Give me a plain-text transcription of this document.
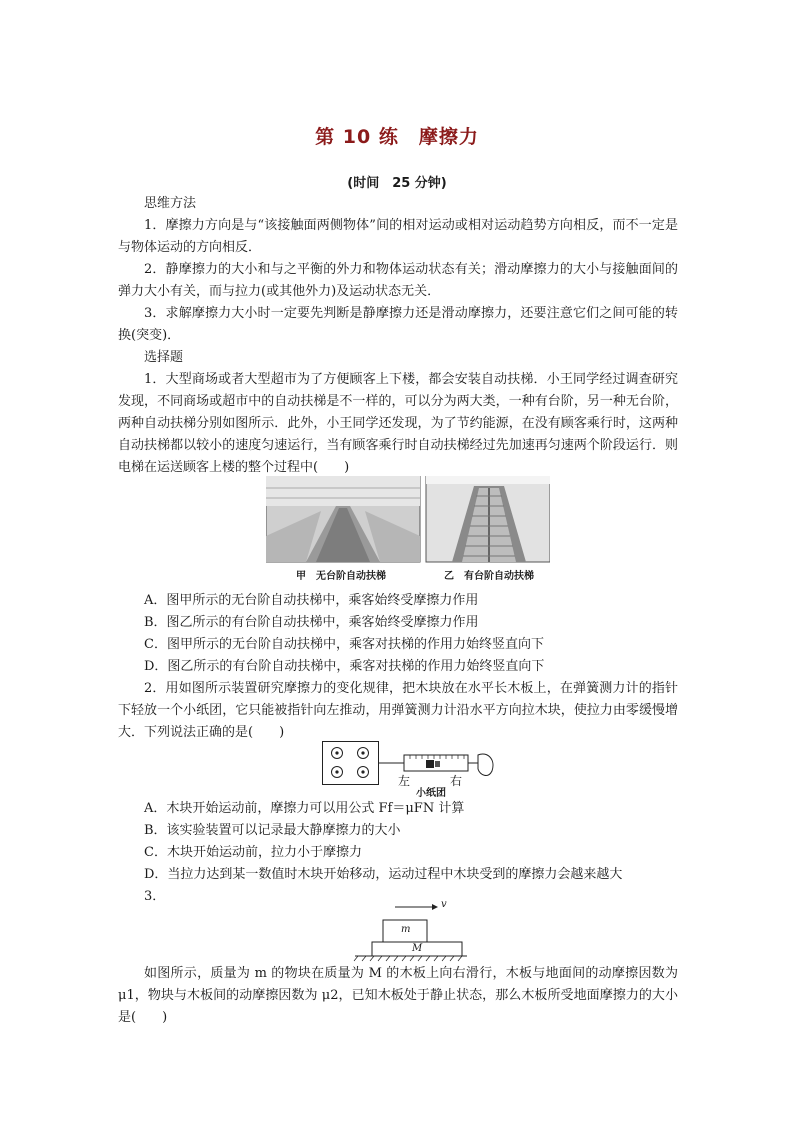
第 10 练　摩擦力
(时间　25 分钟)

思维方法

1．摩擦力方向是与“该接触面两侧物体”间的相对运动或相对运动趋势方向相反，而不一定是与物体运动的方向相反．

2．静摩擦力的大小和与之平衡的外力和物体运动状态有关；滑动摩擦力的大小与接触面间的弹力大小有关，而与拉力(或其他外力)及运动状态无关．

3．求解摩擦力大小时一定要先判断是静摩擦力还是滑动摩擦力，还要注意它们之间可能的转换(突变)．

选择题

1．大型商场或者大型超市为了方便顾客上下楼，都会安装自动扶梯．小王同学经过调查研究发现，不同商场或超市中的自动扶梯是不一样的，可以分为两大类，一种有台阶，另一种无台阶，两种自动扶梯分别如图所示．此外，小王同学还发现，为了节约能源，在没有顾客乘行时，这两种自动扶梯都以较小的速度匀速运行，当有顾客乘行时自动扶梯经过先加速再匀速两个阶段运行．则电梯在运送顾客上楼的整个过程中(　　)

甲　无台阶自动扶梯	乙　有台阶自动扶梯

A．图甲所示的无台阶自动扶梯中，乘客始终受摩擦力作用

B．图乙所示的有台阶自动扶梯中，乘客始终受摩擦力作用

C．图甲所示的无台阶自动扶梯中，乘客对扶梯的作用力始终竖直向下

D．图乙所示的有台阶自动扶梯中，乘客对扶梯的作用力始终竖直向下

2．用如图所示装置研究摩擦力的变化规律，把木块放在水平长木板上，在弹簧测力计的指针下轻放一个小纸团，它只能被指针向左推动，用弹簧测力计沿水平方向拉木块，使拉力由零缓慢增大．下列说法正确的是(　　)

左	右
小纸团

A．木块开始运动前，摩擦力可以用公式 Ff＝μFN 计算

B．该实验装置可以记录最大静摩擦力的大小

C．木块开始运动前，拉力小于摩擦力

D．当拉力达到某一数值时木块开始移动，运动过程中木块受到的摩擦力会越来越大

3．

v
m
M

如图所示，质量为 m 的物块在质量为 M 的木板上向右滑行，木板与地面间的动摩擦因数为 μ1，物块与木板间的动摩擦因数为 μ2，已知木板处于静止状态，那么木板所受地面摩擦力的大小是(　　)
